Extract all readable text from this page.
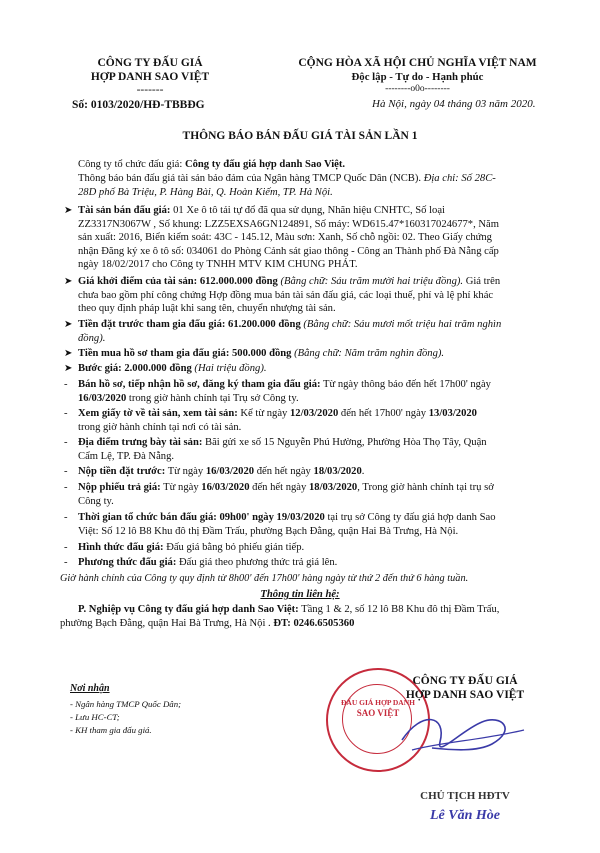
CÔNG TY ĐẤU GIÁ
HỢP DANH SAO VIỆT
-------
Số: 0103/2020/HĐ-TBBĐG
CỘNG HÒA XÃ HỘI CHỦ NGHĨA VIỆT NAM
Độc lập - Tự do - Hạnh phúc
--------o0o--------
Hà Nội, ngày 04 tháng 03 năm 2020.
THÔNG BÁO BÁN ĐẤU GIÁ TÀI SẢN LẦN 1
Công ty tổ chức đấu giá: Công ty đấu giá hợp danh Sao Việt.
Thông báo bán đấu giá tài sản bảo đảm của Ngân hàng TMCP Quốc Dân (NCB). Địa chỉ: Số 28C-
28D phố Bà Triệu, P. Hàng Bài, Q. Hoàn Kiếm, TP. Hà Nội.
➤ Tài sản bán đấu giá: 01 Xe ô tô tải tự đổ đã qua sử dụng, Nhãn hiệu CNHTC, Số loại
ZZ3317N3067W , Số khung: LZZ5EXSA6GN124891, Số máy: WD615.47*160317024677*, Năm
sản xuất: 2016, Biển kiểm soát: 43C - 145.12, Màu sơn: Xanh, Số chỗ ngồi: 02. Theo Giấy chứng
nhận Đăng ký xe ô tô số: 034061 do Phòng Cảnh sát giao thông - Công an Thành phố Đà Nẵng cấp
ngày 18/02/2017 cho Công ty TNHH MTV KIM CHUNG PHÁT.
➤ Giá khởi điểm của tài sản: 612.000.000 đồng (Bằng chữ: Sáu trăm mười hai triệu đồng). Giá trên
chưa bao gồm phí công chứng Hợp đồng mua bán tài sản đấu giá, các loại thuế, phí và lệ phí khác
theo quy định pháp luật khi sang tên, chuyển nhượng tài sản.
➤ Tiền đặt trước tham gia đấu giá: 61.200.000 đồng (Bằng chữ: Sáu mươi mốt triệu hai trăm nghìn
đồng).
➤ Tiền mua hồ sơ tham gia đấu giá: 500.000 đồng (Bằng chữ: Năm trăm nghìn đồng).
➤ Bước giá: 2.000.000 đồng (Hai triệu đồng).
- Bán hồ sơ, tiếp nhận hồ sơ, đăng ký tham gia đấu giá: Từ ngày thông báo đến hết 17h00' ngày
16/03/2020 trong giờ hành chính tại Trụ sở Công ty.
- Xem giấy tờ về tài sản, xem tài sản: Kể từ ngày 12/03/2020 đến hết 17h00' ngày 13/03/2020
trong giờ hành chính tại nơi có tài sản.
- Địa điểm trưng bày tài sản: Bãi gửi xe số 15 Nguyễn Phú Hường, Phường Hòa Thọ Tây, Quận
Cẩm Lệ, TP. Đà Nẵng.
- Nộp tiền đặt trước: Từ ngày 16/03/2020 đến hết ngày 18/03/2020.
- Nộp phiếu trả giá: Từ ngày 16/03/2020 đến hết ngày 18/03/2020, Trong giờ hành chính tại trụ sở
Công ty.
- Thời gian tổ chức bán đấu giá: 09h00' ngày 19/03/2020 tại trụ sở Công ty đấu giá hợp danh Sao
Việt: Số 12 lô B8 Khu đô thị Đầm Trấu, phường Bạch Đằng, quận Hai Bà Trưng, Hà Nội.
- Hình thức đấu giá: Đấu giá bằng bỏ phiếu gián tiếp.
- Phương thức đấu giá: Đấu giá theo phương thức trả giá lên.
Giờ hành chính của Công ty quy định từ 8h00' đến 17h00' hàng ngày từ thứ 2 đến thứ 6 hàng tuần.
Thông tin liên hệ:
P. Nghiệp vụ Công ty đấu giá hợp danh Sao Việt: Tầng 1 & 2, số 12 lô B8 Khu đô thị Đầm Trấu,
phường Bạch Đằng, quận Hai Bà Trưng, Hà Nội . ĐT: 0246.6505360
Nơi nhận
- Ngân hàng TMCP Quốc Dân;
- Lưu HC-CT;
- KH tham gia đấu giá.
ĐẤU GIÁ HỢP DANH
SAO VIỆT
CÔNG TY ĐẤU GIÁ
HỢP DANH SAO VIỆT
CHỦ TỊCH HĐTV
Lê Văn Hòe
